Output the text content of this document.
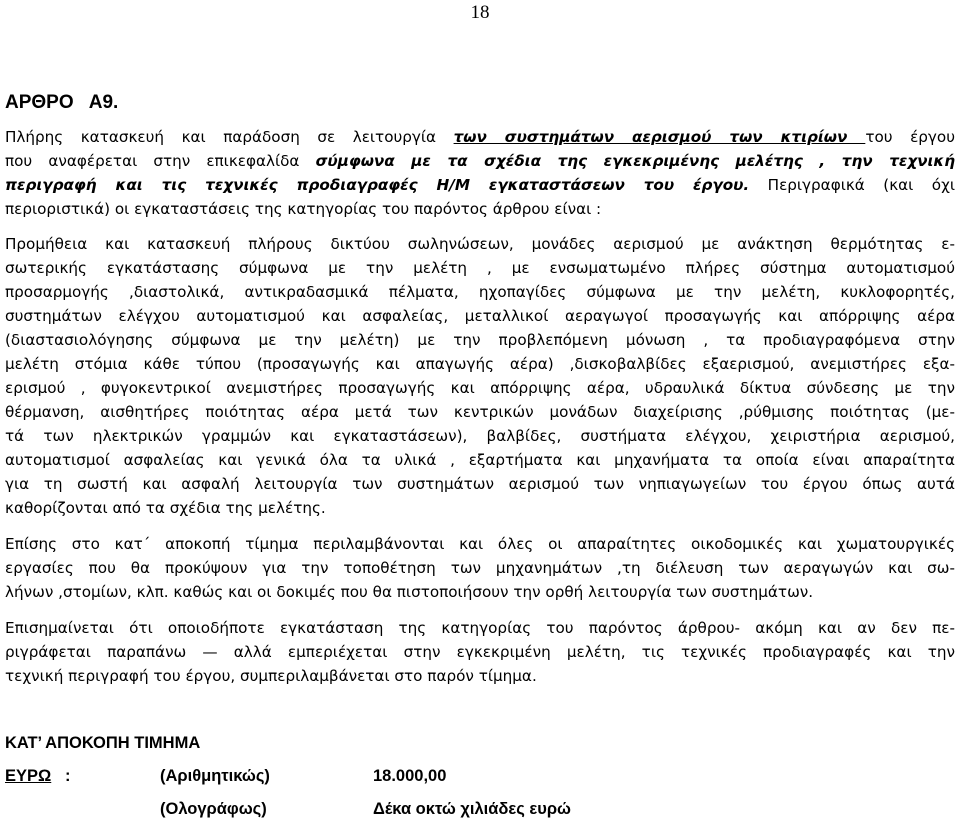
18
ΑΡΘΡΟ   Α9.
Πλήρης κατασκευή και παράδοση σε λειτουργία των συστημάτων αερισμού των κτιρίων του έργου
που αναφέρεται στην επικεφαλίδα σύμφωνα με τα σχέδια της εγκεκριμένης μελέτης , την τεχνική
περιγραφή και τις τεχνικές προδιαγραφές Η/Μ εγκαταστάσεων του έργου. Περιγραφικά (και όχι
περιοριστικά) οι εγκαταστάσεις της κατηγορίας του παρόντος άρθρου είναι :
Προμήθεια και κατασκευή πλήρους δικτύου σωληνώσεων, μονάδες αερισμού με ανάκτηση θερμότητας ε-
σωτερικής εγκατάστασης σύμφωνα με την μελέτη , με ενσωματωμένο πλήρες σύστημα αυτοματισμού
προσαρμογής ,διαστολικά, αντικραδασμικά πέλματα, ηχοπαγίδες σύμφωνα με την μελέτη, κυκλοφορητές,
συστημάτων ελέγχου αυτοματισμού και ασφαλείας, μεταλλικοί αεραγωγοί προσαγωγής και απόρριψης αέρα
(διαστασιολόγησης σύμφωνα με την μελέτη) με την προβλεπόμενη μόνωση , τα προδιαγραφόμενα στην
μελέτη στόμια κάθε τύπου (προσαγωγής και απαγωγής αέρα) ,δισκοβαλβίδες εξαερισμού, ανεμιστήρες εξα-
ερισμού , φυγοκεντρικοί ανεμιστήρες προσαγωγής και απόρριψης αέρα, υδραυλικά δίκτυα σύνδεσης με την
θέρμανση, αισθητήρες ποιότητας αέρα μετά των κεντρικών μονάδων διαχείρισης ,ρύθμισης ποιότητας (με-
τά των ηλεκτρικών γραμμών και εγκαταστάσεων), βαλβίδες, συστήματα ελέγχου, χειριστήρια αερισμού,
αυτοματισμοί ασφαλείας και γενικά όλα τα υλικά , εξαρτήματα και μηχανήματα τα οποία είναι απαραίτητα
για τη σωστή και ασφαλή λειτουργία των συστημάτων αερισμού των νηπιαγωγείων του έργου όπως αυτά
καθορίζονται από τα σχέδια της μελέτης.
Επίσης στο κατ΄ αποκοπή τίμημα περιλαμβάνονται και όλες οι απαραίτητες οικοδομικές και χωματουργικές
εργασίες που θα προκύψουν για την τοποθέτηση των μηχανημάτων ,τη διέλευση των αεραγωγών και σω-
λήνων ,στομίων, κλπ. καθώς και οι δοκιμές που θα πιστοποιήσουν την ορθή λειτουργία των συστημάτων.
Επισημαίνεται ότι οποιοδήποτε εγκατάσταση της κατηγορίας του παρόντος άρθρου- ακόμη και αν δεν πε-
ριγράφεται παραπάνω — αλλά εμπεριέχεται στην εγκεκριμένη μελέτη, τις τεχνικές προδιαγραφές και την
τεχνική περιγραφή του έργου, συμπεριλαμβάνεται στο παρόν τίμημα.
ΚΑΤ’ ΑΠΟΚΟΠΗ ΤΙΜΗΜΑ
ΕΥΡΩ :	(Αριθμητικώς)	18.000,00
(Ολογράφως)	Δέκα οκτώ χιλιάδες ευρώ
